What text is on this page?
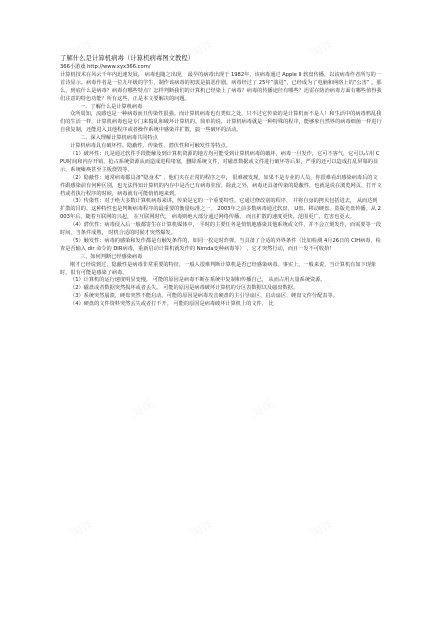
了解什么是计算机病毒（计算机病毒图文教程）

366小游戏 http://www.xyx366.com/

计算机技术在风云千年内迅速发展， 病毒也随之出现， 最早的病毒出现于 1982年，该病毒通过 Apple II 软盘传播，以该病毒作者所写的一首诗显示。病毒作者是一位九年级的学生，制作该病毒的初衷是搞恶作剧。病毒经过了 25年“演进”，已经成为了电脑和网络上的“公害” 。那么，到底什么是病毒？病毒有哪些特点？怎样判断我们的计算机已经染上了病毒？病毒的传播途径有哪些？迅雷在防治病毒方面有哪些值得我们注意的特色功能？所有这些，正是本文要解决的问题。

一、了解什么是计算机病毒

众所周知，流感也是一种病毒而且传染性很强。而计算机病毒也有类似之处，只不过它传染的是计算机而不是人！和生活中的病毒鸦乱我们的生活一样，计算机病毒也是专门来捣乱和破坏计算机的。简单的说，计算机病毒就是一种特殊的程序，能够象自然界的病毒细菌一样进行自我复制，还能进入其他程序或者操作系统中感染并扩散，搞一些破坏的活动。

二、深入理解计算机病毒共同特点

计算机病毒具有破坏性、隐蔽性、传染性、潜伏性和可触发性等特点。

（1）破坏性：凡是通过软件手段能触及到计算机资源的地方均可能受到计算机病毒的破坏，病毒一旦发作，它可不客气，它可以占用 CPU时间和内存开销，抢占系统资源从而造成进程堵塞，删除系统文件，对磁盘数据或文件进行破坏等后果，严重的还可以造成打乱屏幕的显示，系统瘫痪甚至主板烧毁等。

（2）隐蔽性：通常病毒都具备“隐身术” ，他们夹在正常的程序之中， 很难被发现。如果不是专业的人员，你很难看出感染病毒后的文件跟感染前有何种区别，也无法得知计算机的内存中是否已有病毒驻留。除此之外，病毒还具备传染的隐蔽性，也就是说在浏览网页、打开文档或者执行程序的时候，病毒就有可能悄悄地来到。

（3）传染性：对于绝大多数计算机病毒来讲，传染是它的一个重要特性。它通过修改别的程序， 并将自身的拷贝包括进去， 从而达到扩散的目的。这种特性也是判断病毒程序的最重要的衡量标准之一。 2003年之前多数病毒通过软盘、 U盘、移动硬盘、盗版光盘传播。从 2003年后，随着互联网的兴起， 在互联网时代， 病毒则绝大部分通过网络传播， 而且扩散的速度更快，范围更广，危害也更大。

（4）潜伏性：病毒侵入后一般都寄生在计算机媒体中， 平时的主要任务是悄悄地感染其他系统或文件，并不会立刻发作，而需要等一段时间，当条件成熟， 时机合适的时候才突然爆发。

（5）触发性：病毒的感染和发作都是有触发条件的，如同一枚定时炸弹，当具备了合适的外界条件（比如检测 4月26日的 CIH病毒，检查是否输入 dir 命令的 DIR病毒，重新启动计算机就发作的 Nimda变种病毒等） ，它才突然行动，而且一发不可收拾！

三、如何判断已经感染病毒

刚才已经说到过，隐蔽性是病毒非常重要的特征，一般人很难判断计算机是否已经感染病毒。事实上，一般来说，当计算机有如下现象时，很有可能是感染了病毒。

（1）计算机的运行速度明显变慢。 可能的原因是病毒不断在系统中复制和传播自己， 从而占用大量系统资源。

（2）磁盘或者数据突然损坏或者丢失。 可能的原因是病毒破坏计算机的分区表数据以及磁盘数据。

（3）系统突然崩溃，硬盘突然不能启动。可能的原因是病毒攻击硬盘的主引导扇区、启动扇区、硬盘文件分配表等。

（4）硬盘的文件资料突然丢失或者打不开。 可能的原因是病毒破坏计算机上的文件， 比
